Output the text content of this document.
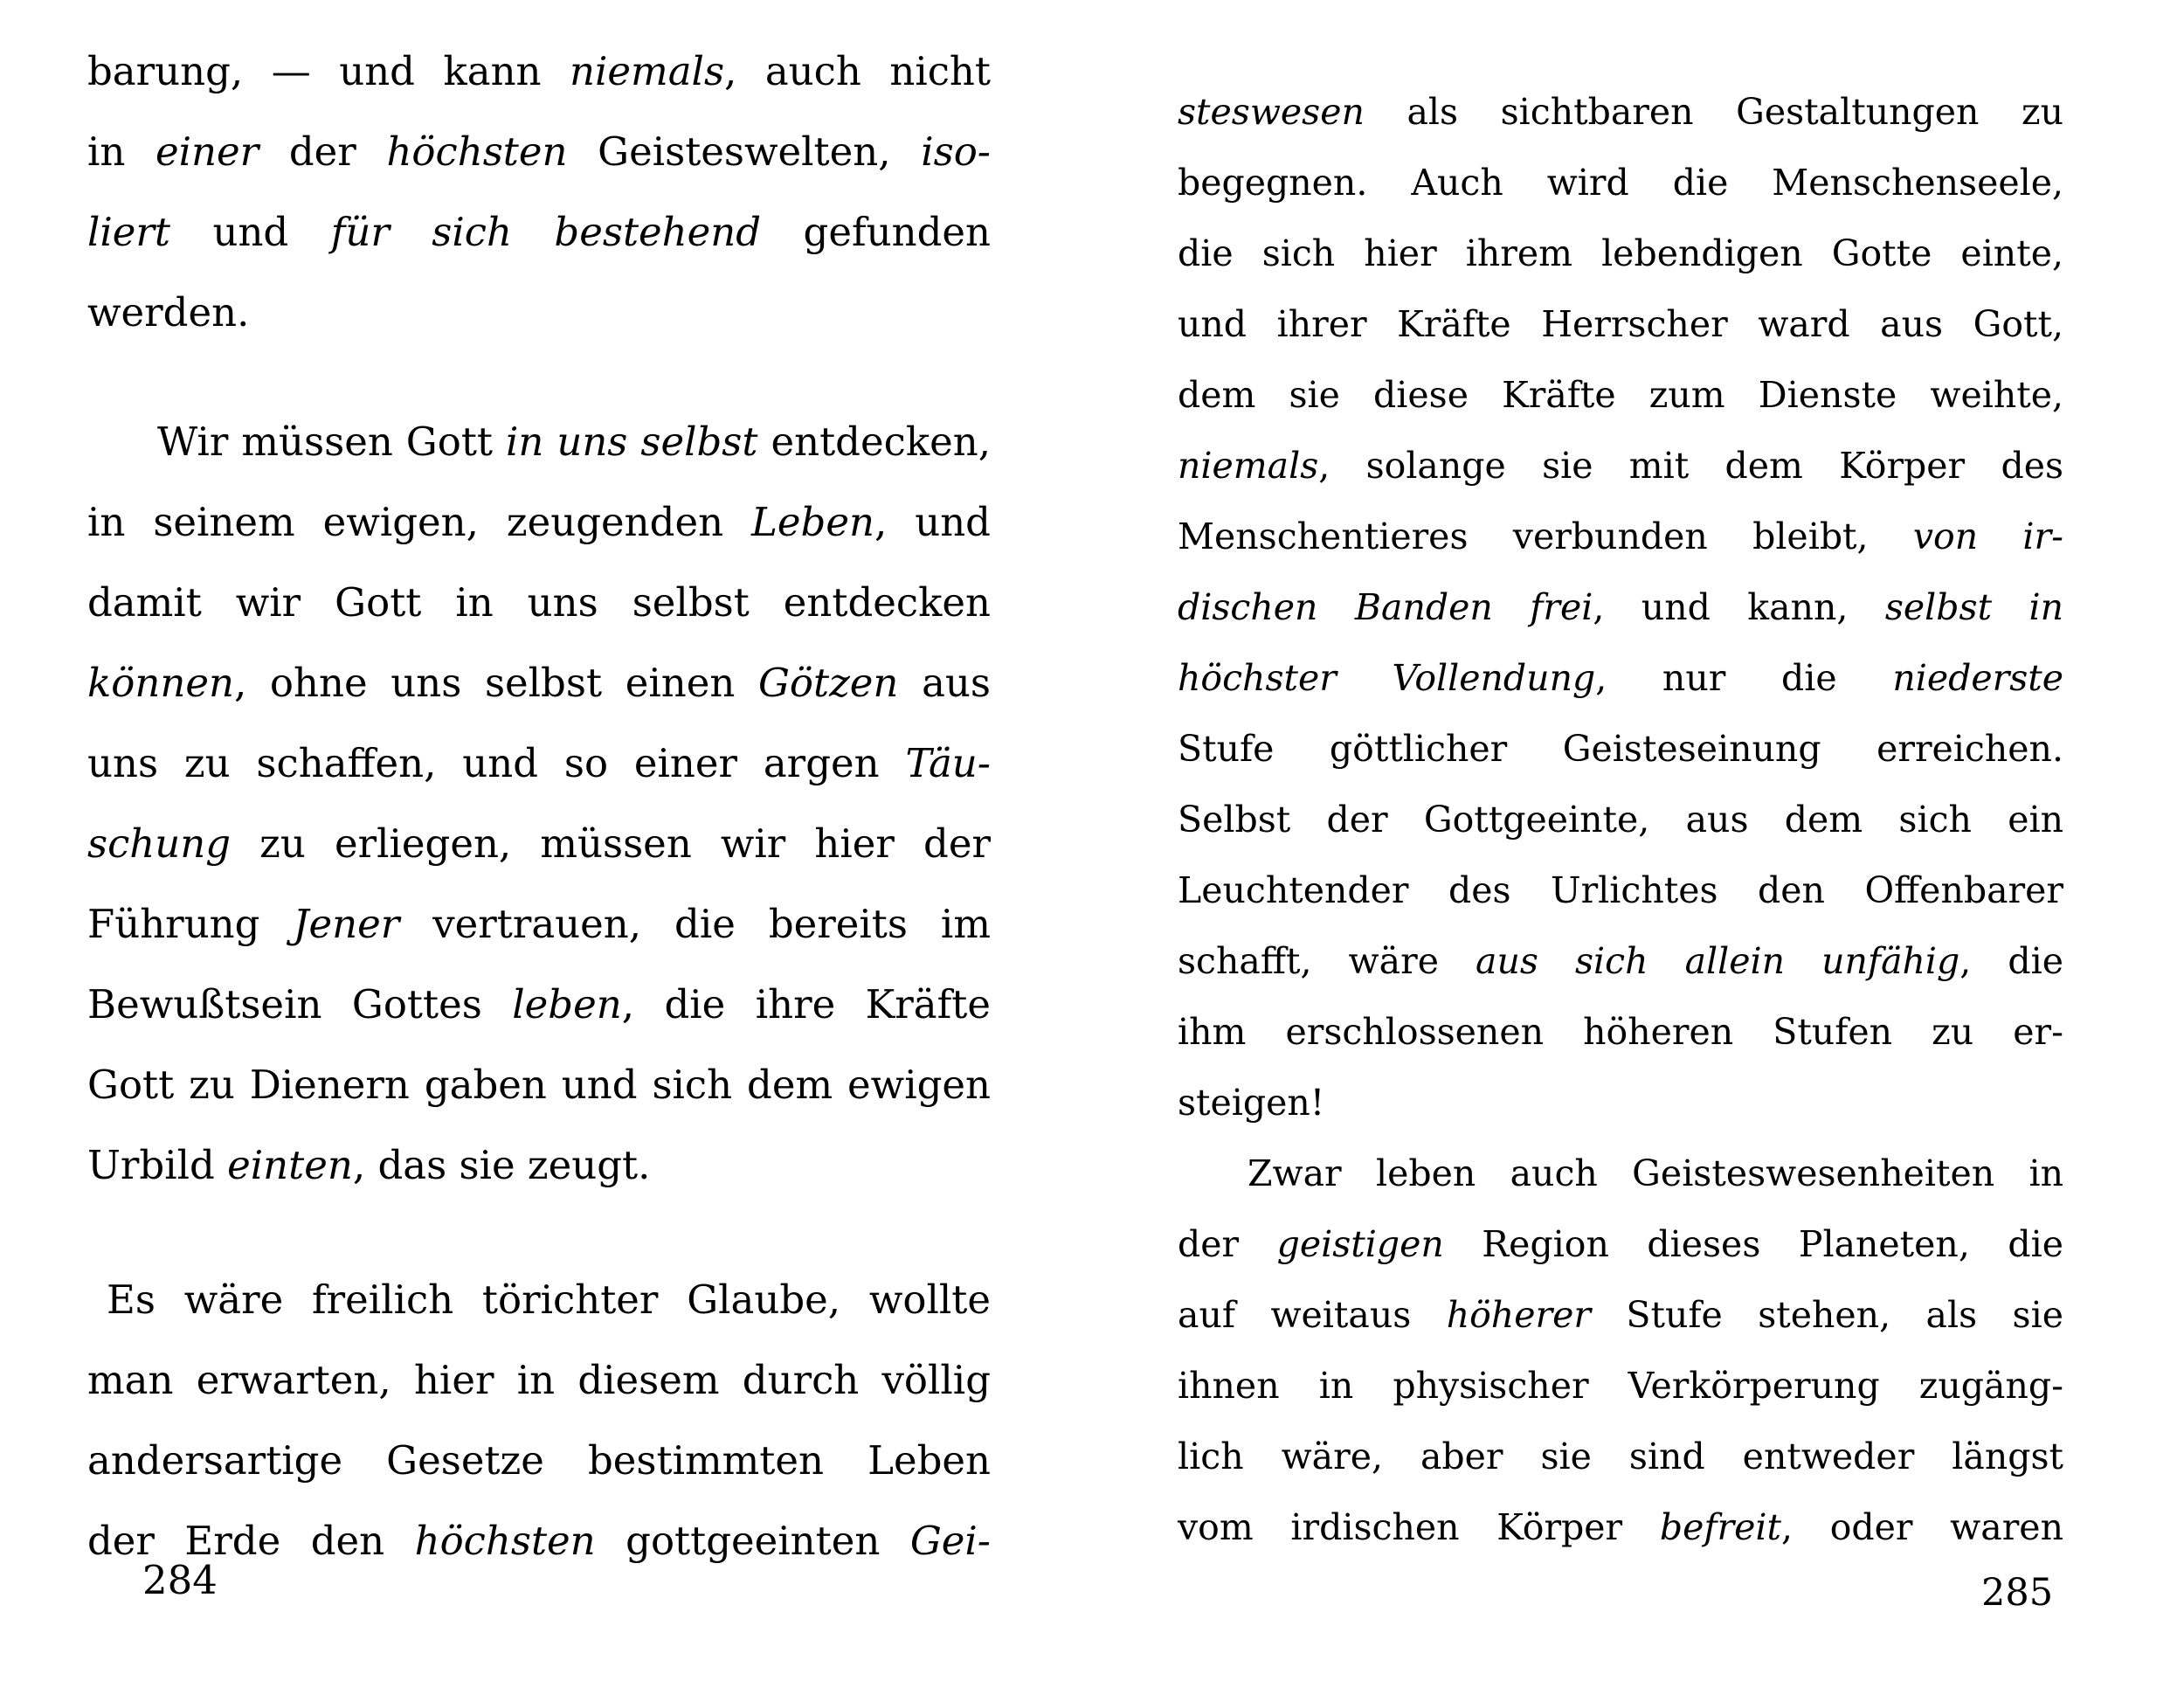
barung, — und kann niemals, auch nicht
in einer der höchsten Geisteswelten, iso-
liert und für sich bestehend gefunden
werden.
Wir müssen Gott in uns selbst entdecken,
in seinem ewigen, zeugenden Leben, und
damit wir Gott in uns selbst entdecken
können, ohne uns selbst einen Götzen aus
uns zu schaffen, und so einer argen Täu-
schung zu erliegen, müssen wir hier der
Führung Jener vertrauen, die bereits im
Bewußtsein Gottes leben, die ihre Kräfte
Gott zu Dienern gaben und sich dem ewigen
Urbild einten, das sie zeugt.
Es wäre freilich törichter Glaube, wollte
man erwarten, hier in diesem durch völlig
andersartige Gesetze bestimmten Leben
der Erde den höchsten gottgeeinten Gei-
284
steswesen als sichtbaren Gestaltungen zu
begegnen. Auch wird die Menschenseele,
die sich hier ihrem lebendigen Gotte einte,
und ihrer Kräfte Herrscher ward aus Gott,
dem sie diese Kräfte zum Dienste weihte,
niemals, solange sie mit dem Körper des
Menschentieres verbunden bleibt, von ir-
dischen Banden frei, und kann, selbst in
höchster Vollendung, nur die niederste
Stufe göttlicher Geisteseinung erreichen.
Selbst der Gottgeeinte, aus dem sich ein
Leuchtender des Urlichtes den Offenbarer
schafft, wäre aus sich allein unfähig, die
ihm erschlossenen höheren Stufen zu er-
steigen!
Zwar leben auch Geisteswesenheiten in
der geistigen Region dieses Planeten, die
auf weitaus höherer Stufe stehen, als sie
ihnen in physischer Verkörperung zugäng-
lich wäre, aber sie sind entweder längst
vom irdischen Körper befreit, oder waren
285
